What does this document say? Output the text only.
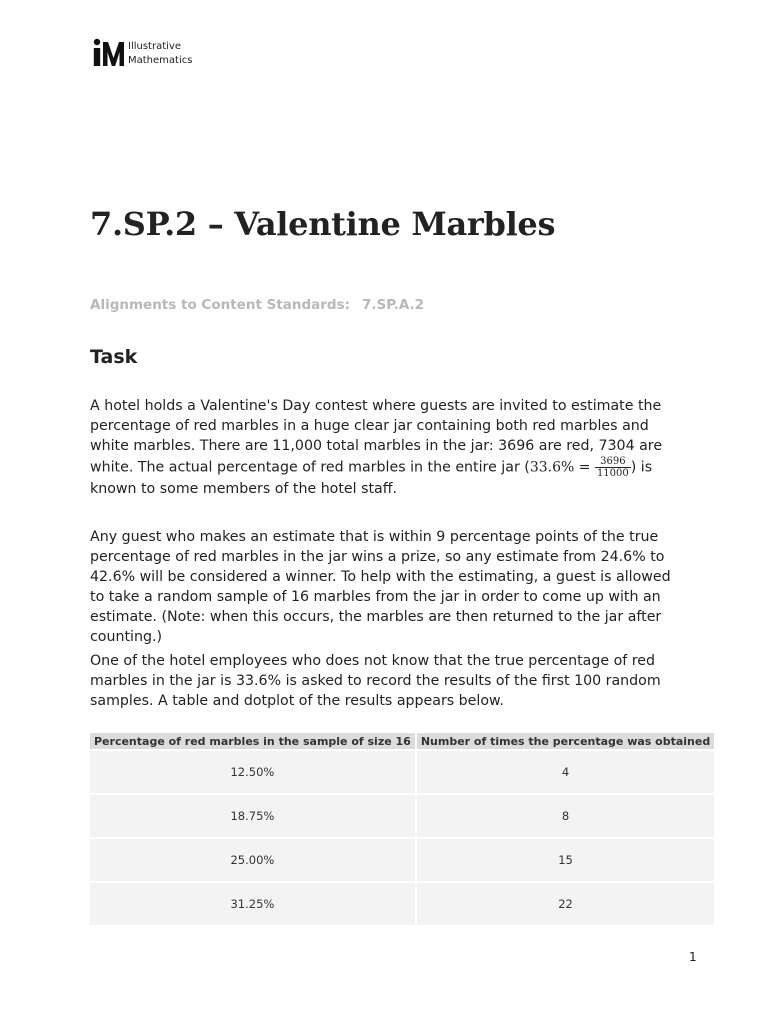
Illustrative
Mathematics
7.SP.2 – Valentine Marbles
Alignments to Content Standards: 7.SP.A.2
Task

A hotel holds a Valentine's Day contest where guests are invited to estimate the percentage of red marbles in a huge clear jar containing both red marbles and white marbles. There are 11,000 total marbles in the jar: 3696 are red, 7304 are white. The actual percentage of red marbles in the entire jar ($33.6\% = \frac{3696}{11000}$ ) is known to some members of the hotel staff.

Any guest who makes an estimate that is within 9 percentage points of the true percentage of red marbles in the jar wins a prize, so any estimate from 24.6% to 42.6% will be considered a winner. To help with the estimating, a guest is allowed to take a random sample of 16 marbles from the jar in order to come up with an estimate. (Note: when this occurs, the marbles are then returned to the jar after counting.)

One of the hotel employees who does not know that the true percentage of red marbles in the jar is 33.6% is asked to record the results of the first 100 random samples. A table and dotplot of the results appears below.

Percentage of red marbles in the sample of size 16	Number of times the percentage was obtained
12.50%	4
18.75%	8
25.00%	15
31.25%	22
1
